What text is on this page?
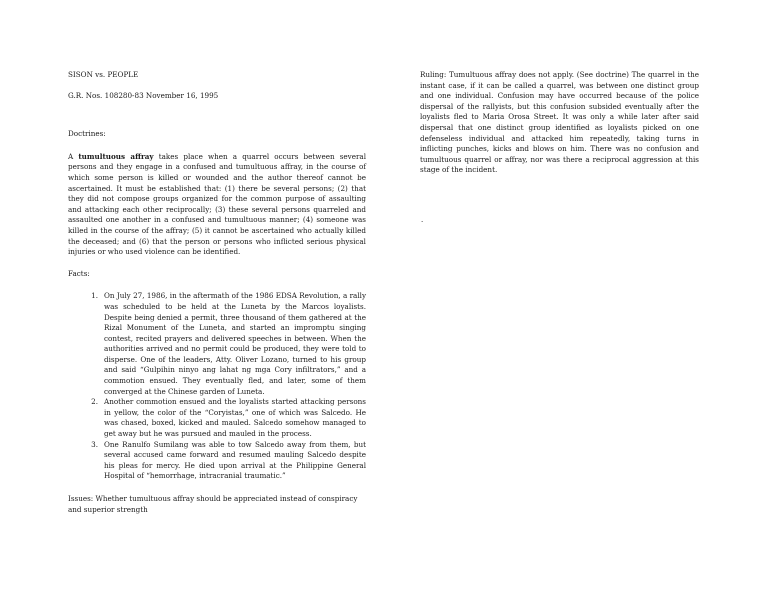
SISON vs. PEOPLE

G.R. Nos. 108280-83 November 16, 1995

Doctrines:

A tumultuous affray takes place when a quarrel occurs between several persons and they engage in a confused and tumultuous affray, in the course of which some person is killed or wounded and the author thereof cannot be ascertained. It must be established that: (1) there be several persons; (2) that they did not compose groups organized for the common purpose of assaulting and attacking each other reciprocally; (3) these several persons quarreled and assaulted one another in a confused and tumultuous manner; (4) someone was killed in the course of the affray; (5) it cannot be ascertained who actually killed the deceased; and (6) that the person or persons who inflicted serious physical injuries or who used violence can be identified.

Facts:

1. On July 27, 1986, in the aftermath of the 1986 EDSA Revolution, a rally was scheduled to be held at the Luneta by the Marcos loyalists. Despite being denied a permit, three thousand of them gathered at the Rizal Monument of the Luneta, and started an impromptu singing contest, recited prayers and delivered speeches in between. When the authorities arrived and no permit could be produced, they were told to disperse. One of the leaders, Atty. Oliver Lozano, turned to his group and said “Gulpihin ninyo ang lahat ng mga Cory infiltrators,” and a commotion ensued. They eventually fled, and later, some of them converged at the Chinese garden of Luneta.
2. Another commotion ensued and the loyalists started attacking persons in yellow, the color of the “Coryistas,” one of which was Salcedo. He was chased, boxed, kicked and mauled. Salcedo somehow managed to get away but he was pursued and mauled in the process.
3. One Ranulfo Sumilang was able to tow Salcedo away from them, but several accused came forward and resumed mauling Salcedo despite his pleas for mercy. He died upon arrival at the Philippine General Hospital of “hemorrhage, intracranial traumatic.”

Issues: Whether tumultuous affray should be appreciated instead of conspiracy and superior strength

Ruling: Tumultuous affray does not apply. (See doctrine) The quarrel in the instant case, if it can be called a quarrel, was between one distinct group and one individual. Confusion may have occurred because of the police dispersal of the rallyists, but this confusion subsided eventually after the loyalists fled to Maria Orosa Street. It was only a while later after said dispersal that one distinct group identified as loyalists picked on one defenseless individual and attacked him repeatedly, taking turns in inflicting punches, kicks and blows on him. There was no confusion and tumultuous quarrel or affray, nor was there a reciprocal aggression at this stage of the incident.

.
